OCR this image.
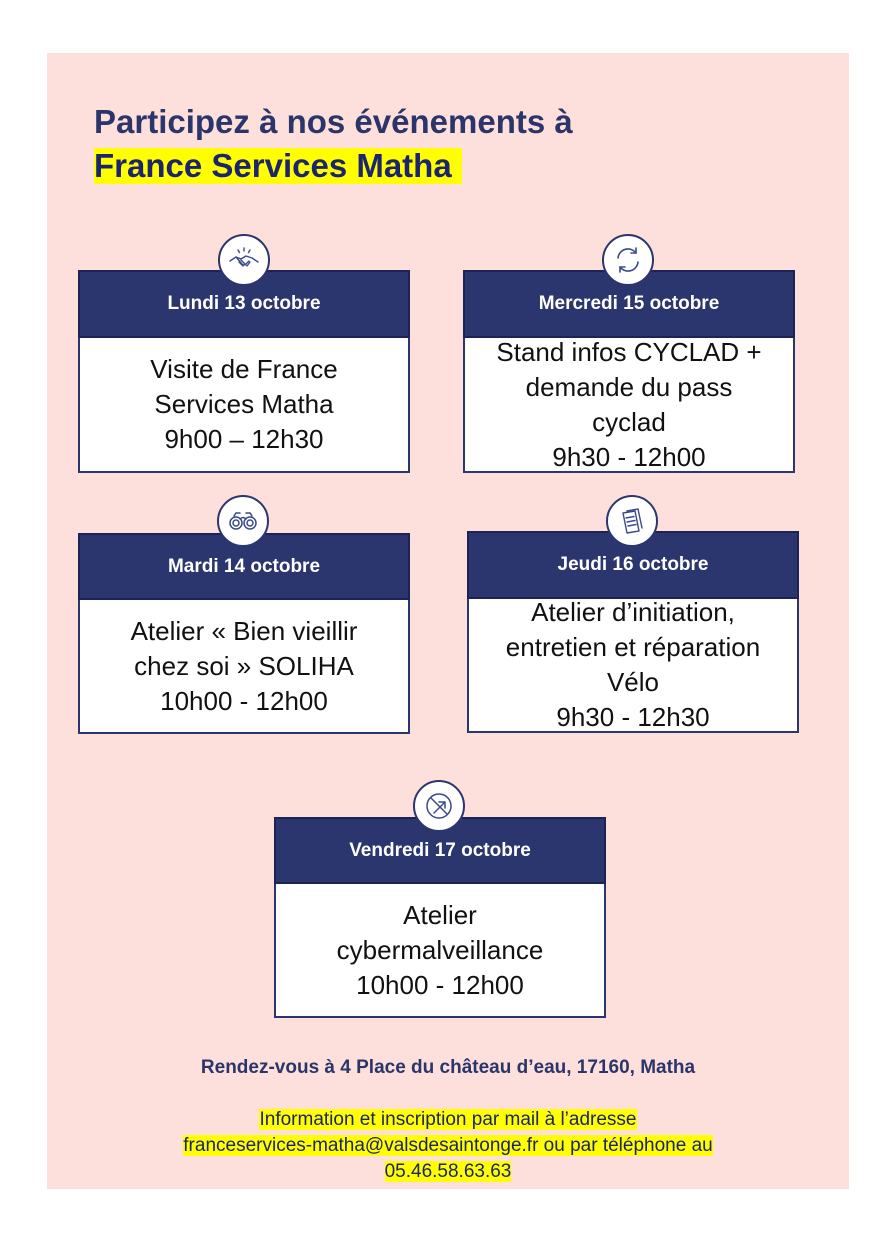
Participez à nos événements à
France Services Matha
Lundi 13 octobre
Visite de France
Services Matha
9h00 – 12h30
Mercredi 15 octobre
Stand infos CYCLAD +
demande du pass
cyclad
9h30 - 12h00
Mardi 14 octobre
Atelier « Bien vieillir
chez soi » SOLIHA
10h00 - 12h00
Jeudi 16 octobre
Atelier d’initiation,
entretien et réparation
Vélo
9h30 - 12h30
Vendredi 17 octobre
Atelier
cybermalveillance
10h00 - 12h00
Rendez-vous à 4 Place du château d’eau, 17160, Matha
Information et inscription par mail à l’adresse
franceservices-matha@valsdesaintonge.fr ou par téléphone au
05.46.58.63.63
